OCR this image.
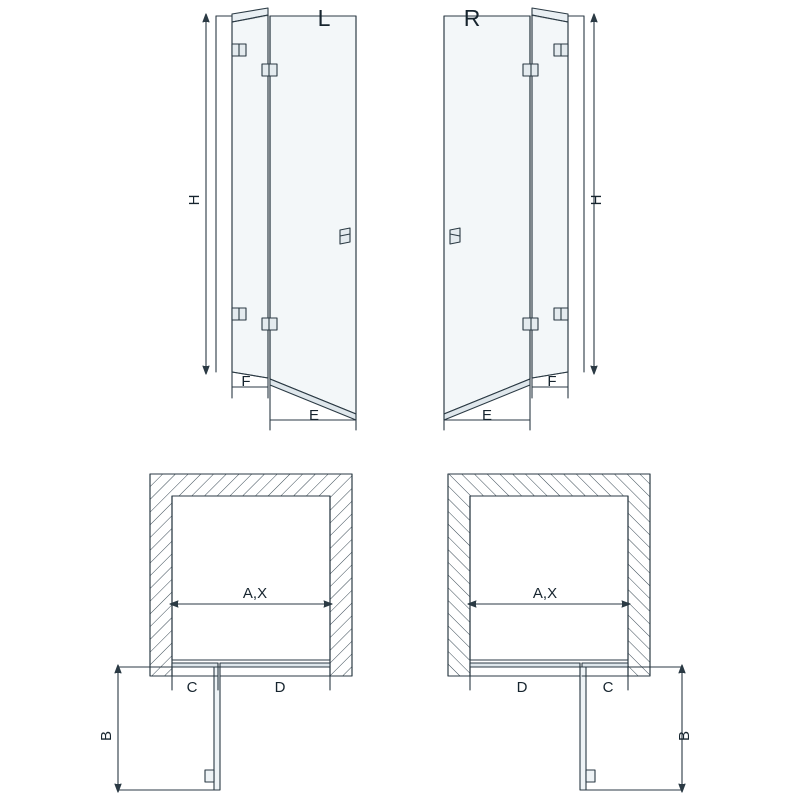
L	R
H	H
F
E	E
F
A,X
C	D
B
A,X
D	C
B
